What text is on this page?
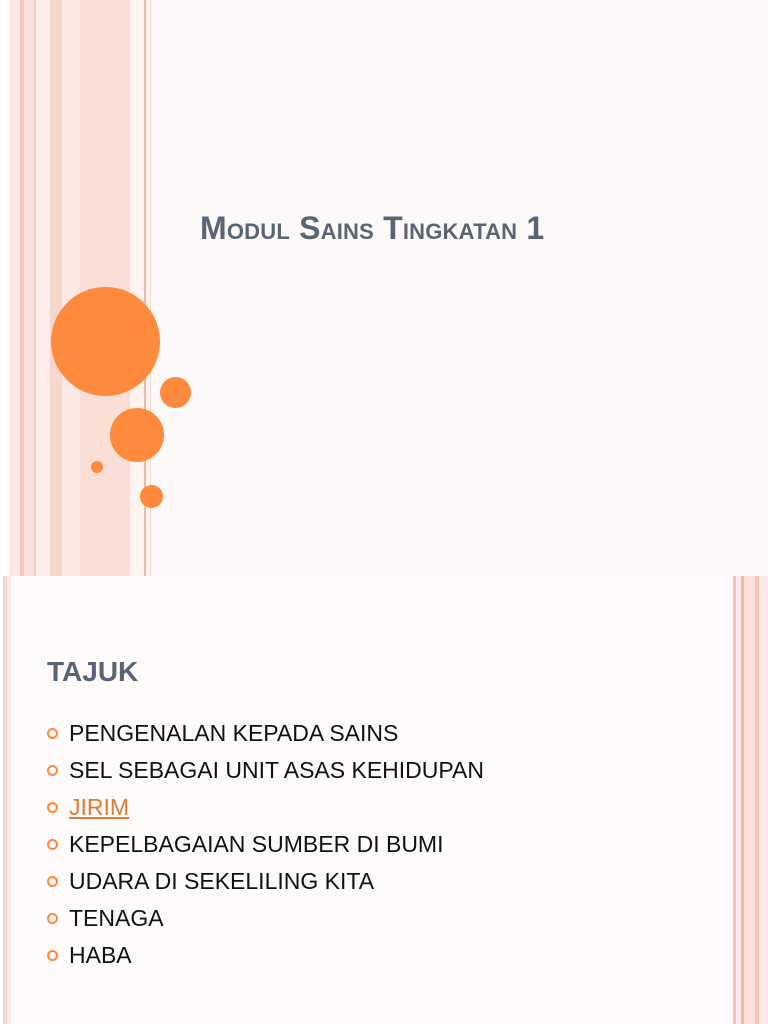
Modul Sains Tingkatan 1
TAJUK
PENGENALAN KEPADA SAINS
SEL SEBAGAI UNIT ASAS KEHIDUPAN
JIRIM
KEPELBAGAIAN SUMBER DI BUMI
UDARA DI SEKELILING KITA
TENAGA
HABA
